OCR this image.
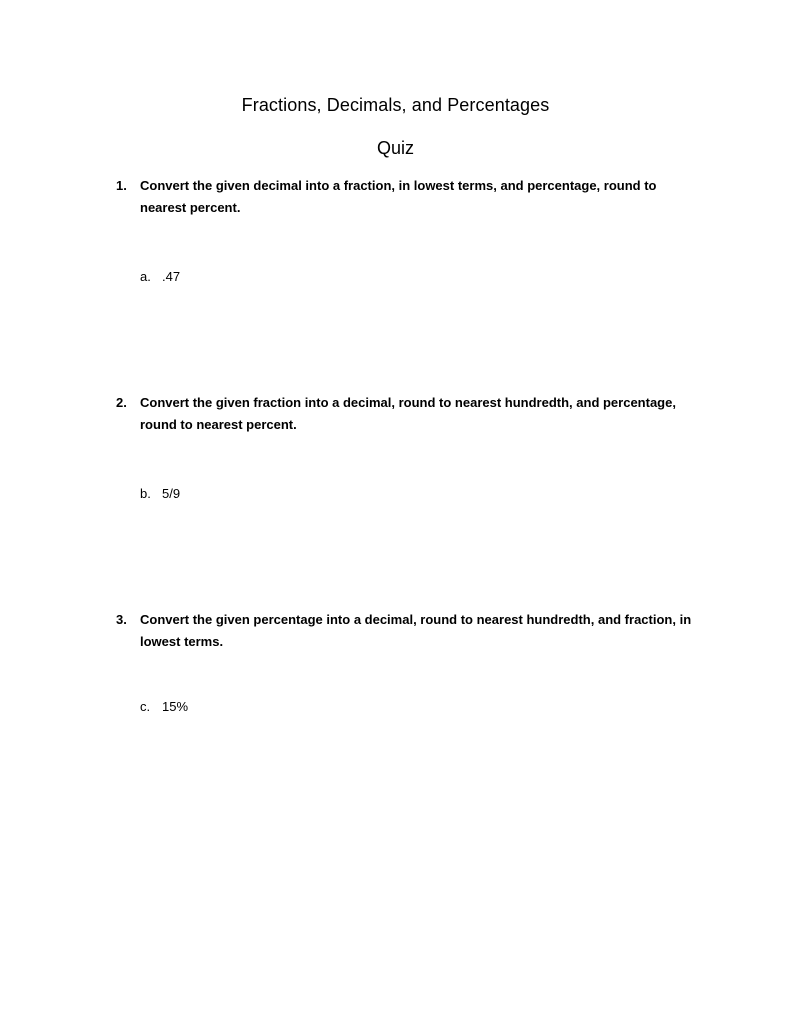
Fractions, Decimals, and Percentages
Quiz
1. Convert the given decimal into a fraction, in lowest terms, and percentage, round to nearest percent.
a. .47
2. Convert the given fraction into a decimal, round to nearest hundredth, and percentage, round to nearest percent.
b. 5/9
3. Convert the given percentage into a decimal, round to nearest hundredth, and fraction, in lowest terms.
c. 15%
